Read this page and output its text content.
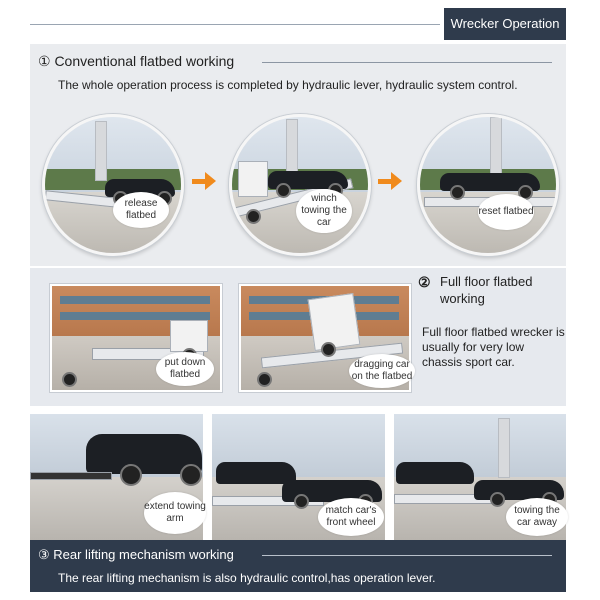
Wrecker Operation
① Conventional flatbed working
The whole operation process is completed by hydraulic lever, hydraulic system control.
release flatbed
winch towing the car
reset flatbed
put down flatbed
dragging car on the flatbed
② Full floor flatbed working
Full floor flatbed wrecker is usually for very low chassis sport car.
extend towing arm
match car's front wheel
towing the car away
③ Rear lifting mechanism working
The rear lifting mechanism is also hydraulic control,has operation lever.
